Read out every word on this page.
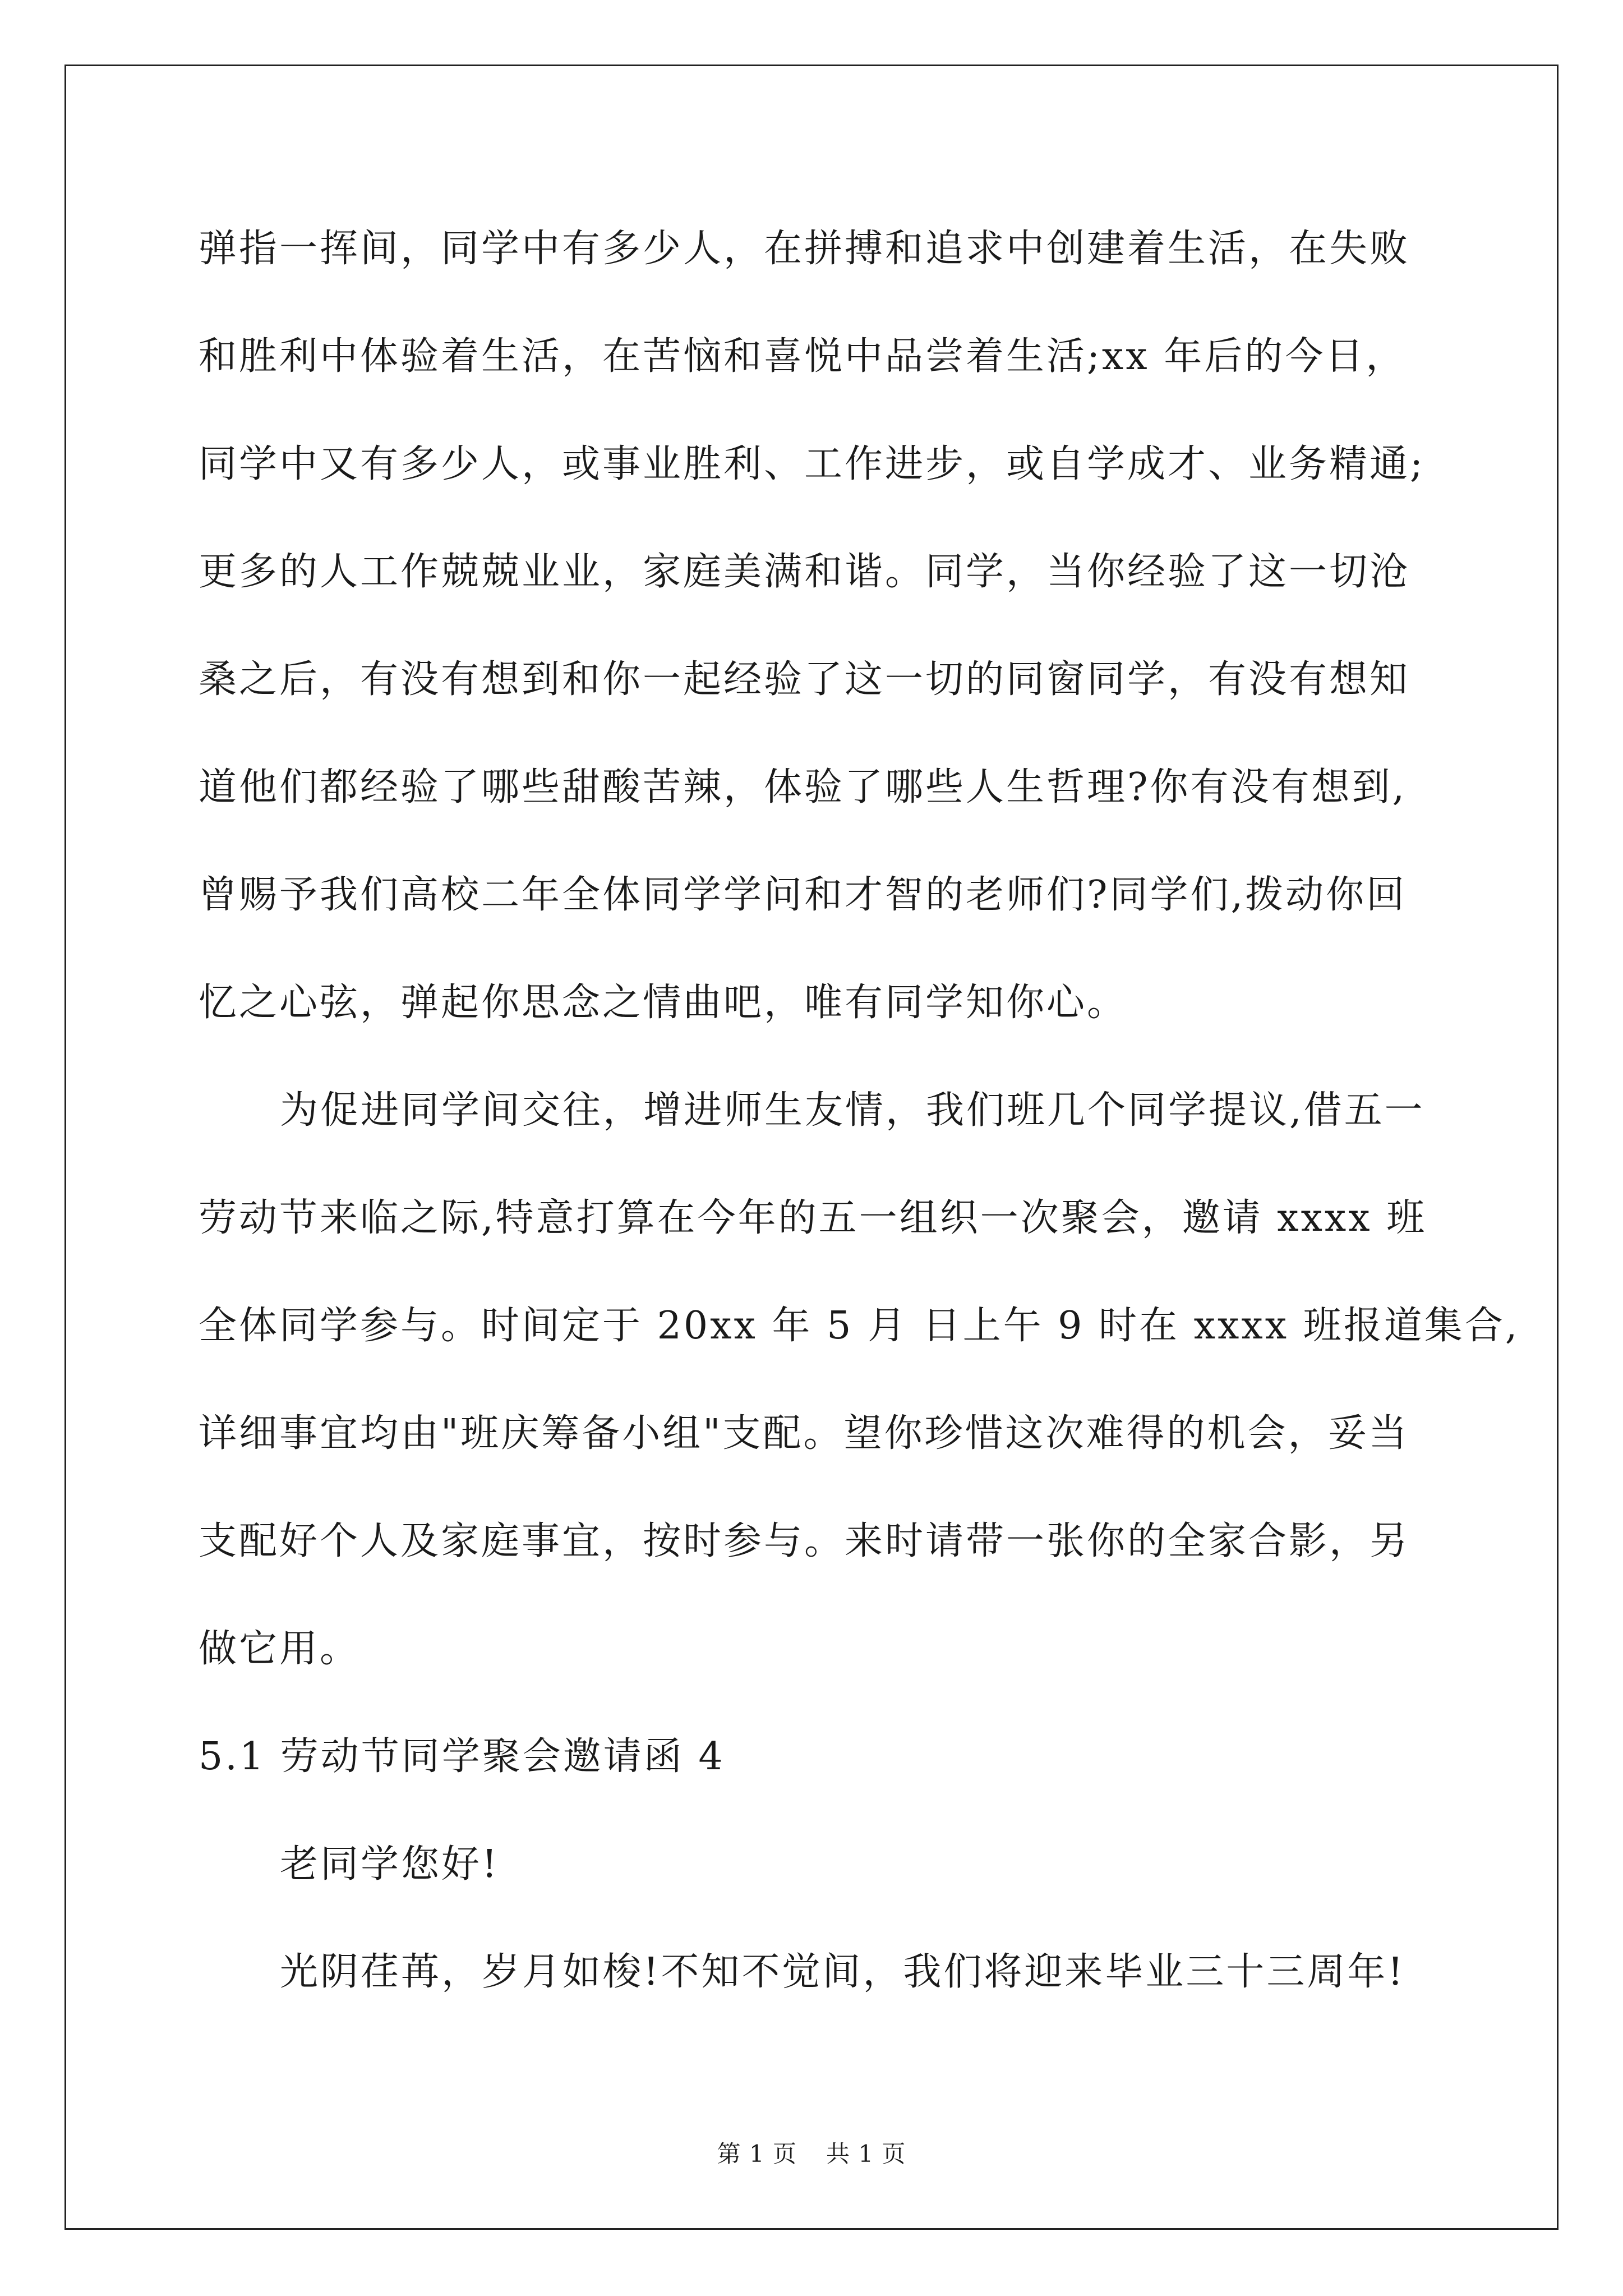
弹指一挥间，同学中有多少人，在拼搏和追求中创建着生活，在失败
和胜利中体验着生活，在苦恼和喜悦中品尝着生活;xx 年后的今日，
同学中又有多少人，或事业胜利、工作进步，或自学成才、业务精通;
更多的人工作兢兢业业，家庭美满和谐。同学，当你经验了这一切沧
桑之后，有没有想到和你一起经验了这一切的同窗同学，有没有想知
道他们都经验了哪些甜酸苦辣，体验了哪些人生哲理?你有没有想到,
曾赐予我们高校二年全体同学学问和才智的老师们?同学们,拨动你回
忆之心弦，弹起你思念之情曲吧，唯有同学知你心。
为促进同学间交往，增进师生友情，我们班几个同学提议,借五一
劳动节来临之际,特意打算在今年的五一组织一次聚会，邀请 xxxx 班
全体同学参与。时间定于 20xx 年 5 月 日上午 9 时在 xxxx 班报道集合,
详细事宜均由"班庆筹备小组"支配。望你珍惜这次难得的机会，妥当
支配好个人及家庭事宜，按时参与。来时请带一张你的全家合影，另
做它用。
5.1 劳动节同学聚会邀请函 4
老同学您好!
光阴荏苒，岁月如梭!不知不觉间，我们将迎来毕业三十三周年!
第 1 页 共 1 页
